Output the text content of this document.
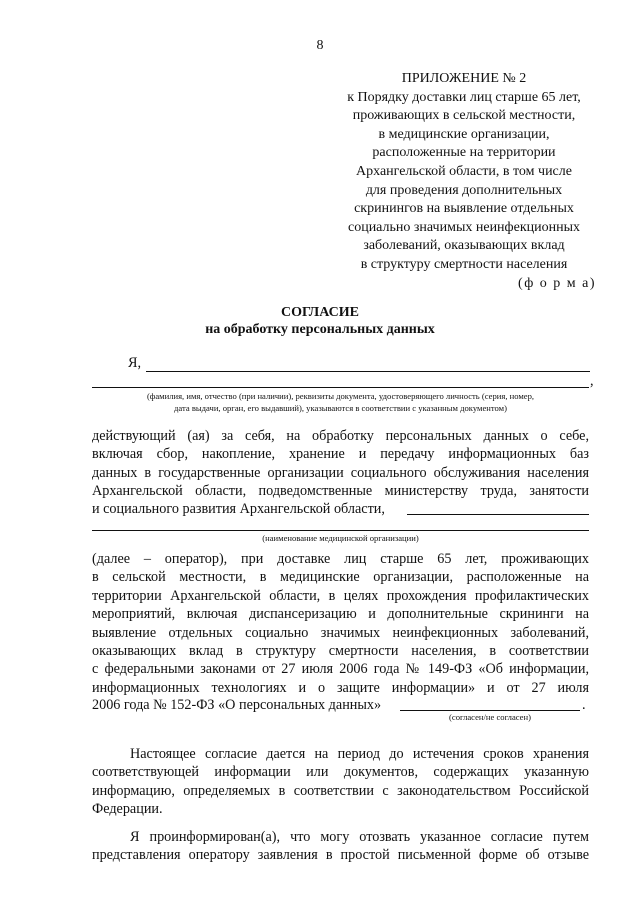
8
ПРИЛОЖЕНИЕ № 2
к Порядку доставки лиц старше 65 лет,
проживающих в сельской местности,
в медицинские организации,
расположенные на территории
Архангельской области, в том числе
для проведения дополнительных
скринингов на выявление отдельных
социально значимых неинфекционных
заболеваний, оказывающих вклад
в структуру смертности населения
(ф о р м а)
СОГЛАСИЕ
на обработку персональных данных
Я,
,
(фамилия, имя, отчество (при наличии), реквизиты документа, удостоверяющего личность (серия, номер,
дата выдачи, орган, его выдавший), указываются в соответствии с указанным документом)
действующий (ая) за себя, на обработку персональных данных о себе,
включая сбор, накопление, хранение и передачу информационных баз
данных в государственные организации социального обслуживания населения
Архангельской области, подведомственные министерству труда, занятости
и социального развития Архангельской области,
(наименование медицинской организации)
(далее – оператор), при доставке лиц старше 65 лет, проживающих
в сельской местности, в медицинские организации, расположенные на
территории Архангельской области, в целях прохождения профилактических
мероприятий, включая диспансеризацию и дополнительные скрининги на
выявление отдельных социально значимых неинфекционных заболеваний,
оказывающих вклад в структуру смертности населения, в соответствии
с федеральными законами от 27 июля 2006 года № 149-ФЗ «Об информации,
информационных технологиях и о защите информации» и от 27 июля
2006 года № 152-ФЗ «О персональных данных»	.
(согласен/не согласен)
Настоящее согласие дается на период до истечения сроков хранения
соответствующей информации или документов, содержащих указанную
информацию, определяемых в соответствии с законодательством Российской
Федерации.
Я проинформирован(а), что могу отозвать указанное согласие путем
представления оператору заявления в простой письменной форме об отзыве
